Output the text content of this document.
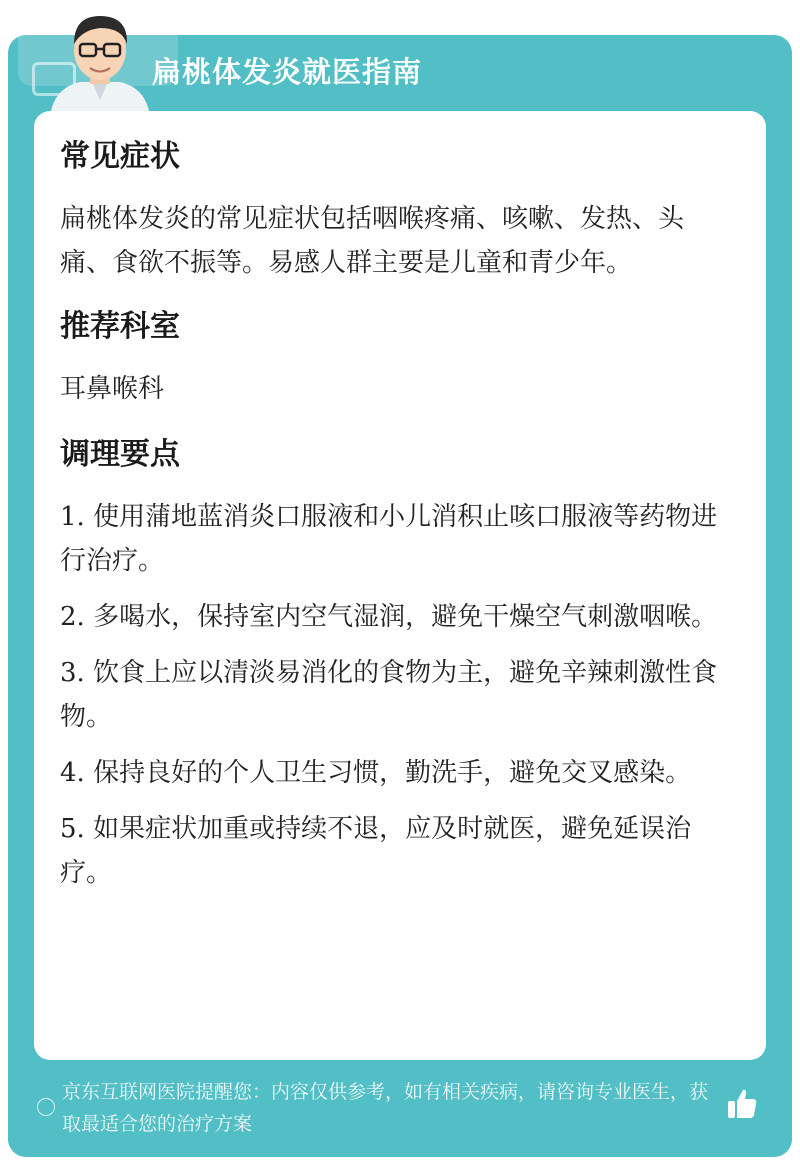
扁桃体发炎就医指南
常见症状
扁桃体发炎的常见症状包括咽喉疼痛、咳嗽、发热、头痛、食欲不振等。易感人群主要是儿童和青少年。
推荐科室
耳鼻喉科
调理要点
1. 使用蒲地蓝消炎口服液和小儿消积止咳口服液等药物进行治疗。
2. 多喝水，保持室内空气湿润，避免干燥空气刺激咽喉。
3. 饮食上应以清淡易消化的食物为主，避免辛辣刺激性食物。
4. 保持良好的个人卫生习惯，勤洗手，避免交叉感染。
5. 如果症状加重或持续不退，应及时就医，避免延误治疗。
京东互联网医院提醒您：内容仅供参考，如有相关疾病，请咨询专业医生，获取最适合您的治疗方案
